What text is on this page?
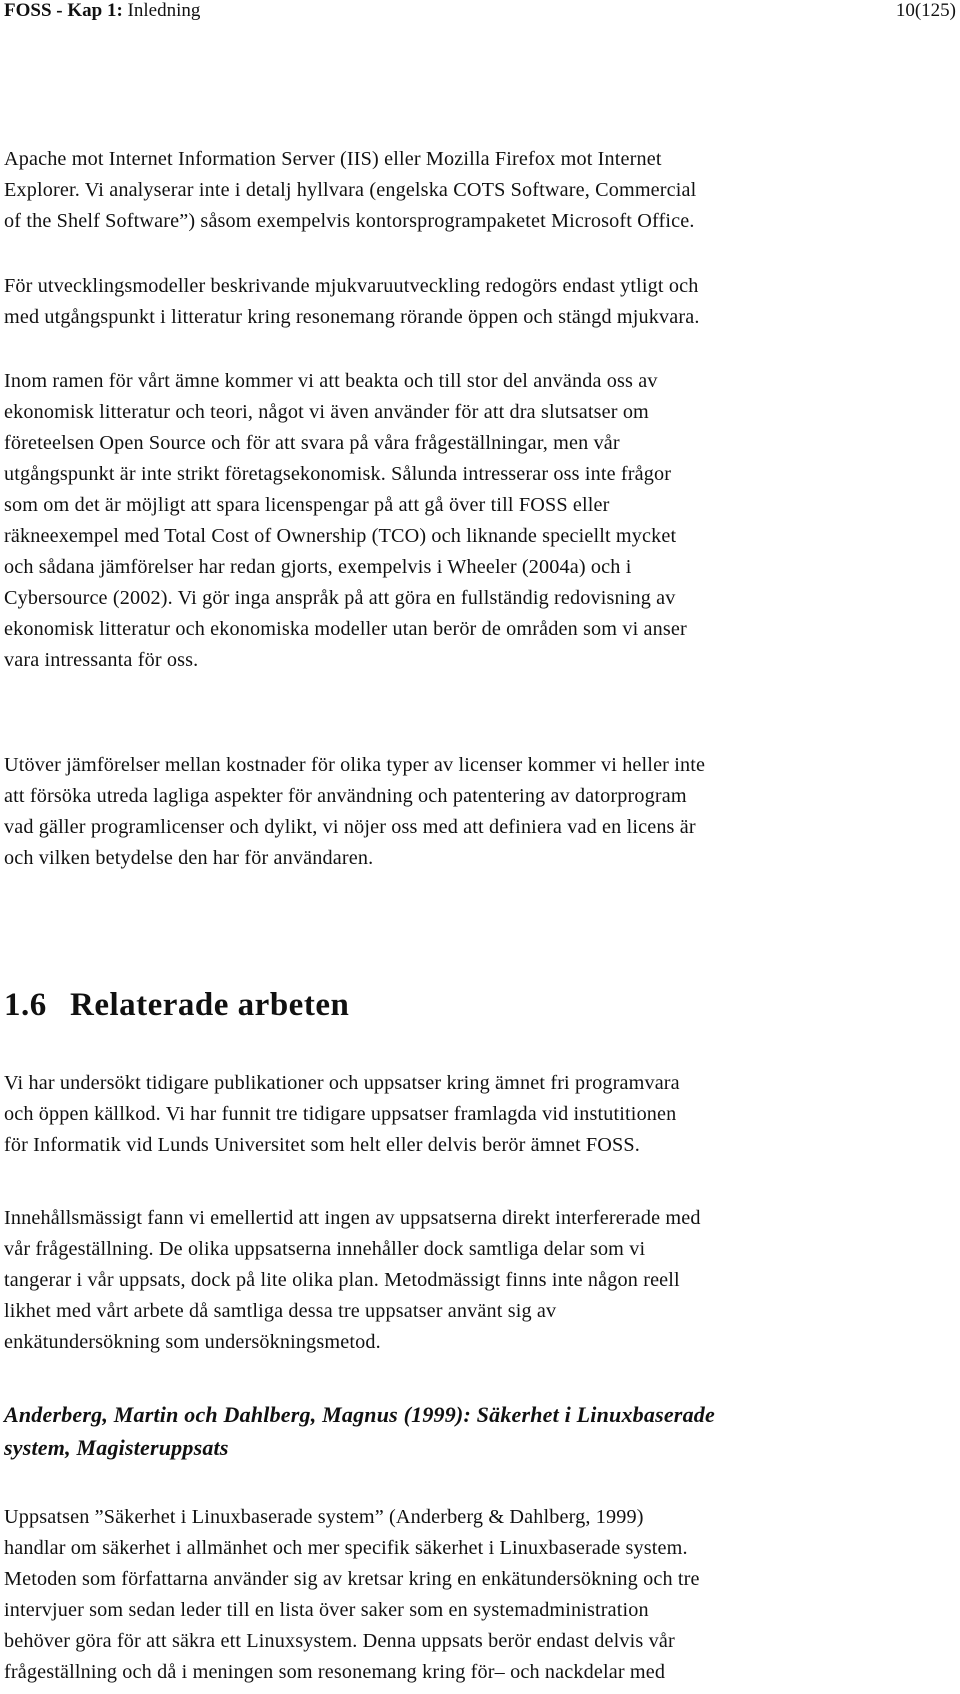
FOSS - Kap 1: Inledning	10(125)

Apache mot Internet Information Server (IIS) eller Mozilla Firefox mot Internet
Explorer. Vi analyserar inte i detalj hyllvara (engelska COTS Software, Commercial
of the Shelf Software”) såsom exempelvis kontorsprogrampaketet Microsoft Office.

För utvecklingsmodeller beskrivande mjukvaruutveckling redogörs endast ytligt och
med utgångspunkt i litteratur kring resonemang rörande öppen och stängd mjukvara.

Inom ramen för vårt ämne kommer vi att beakta och till stor del använda oss av
ekonomisk litteratur och teori, något vi även använder för att dra slutsatser om
företeelsen Open Source och för att svara på våra frågeställningar, men vår
utgångspunkt är inte strikt företagsekonomisk. Sålunda intresserar oss inte frågor
som om det är möjligt att spara licenspengar på att gå över till FOSS eller
räkneexempel med Total Cost of Ownership (TCO) och liknande speciellt mycket
och sådana jämförelser har redan gjorts, exempelvis i Wheeler (2004a) och i
Cybersource (2002). Vi gör inga anspråk på att göra en fullständig redovisning av
ekonomisk litteratur och ekonomiska modeller utan berör de områden som vi anser
vara intressanta för oss.

Utöver jämförelser mellan kostnader för olika typer av licenser kommer vi heller inte
att försöka utreda lagliga aspekter för användning och patentering av datorprogram
vad gäller programlicenser och dylikt, vi nöjer oss med att definiera vad en licens är
och vilken betydelse den har för användaren.

1.6 Relaterade arbeten

Vi har undersökt tidigare publikationer och uppsatser kring ämnet fri programvara
och öppen källkod. Vi har funnit tre tidigare uppsatser framlagda vid instutitionen
för Informatik vid Lunds Universitet som helt eller delvis berör ämnet FOSS.

Innehållsmässigt fann vi emellertid att ingen av uppsatserna direkt interfererade med
vår frågeställning. De olika uppsatserna innehåller dock samtliga delar som vi
tangerar i vår uppsats, dock på lite olika plan. Metodmässigt finns inte någon reell
likhet med vårt arbete då samtliga dessa tre uppsatser använt sig av
enkätundersökning som undersökningsmetod.

Anderberg, Martin och Dahlberg, Magnus (1999): Säkerhet i Linuxbaserade
system, Magisteruppsats

Uppsatsen ”Säkerhet i Linuxbaserade system” (Anderberg & Dahlberg, 1999)
handlar om säkerhet i allmänhet och mer specifik säkerhet i Linuxbaserade system.
Metoden som författarna använder sig av kretsar kring en enkätundersökning och tre
intervjuer som sedan leder till en lista över saker som en systemadministration
behöver göra för att säkra ett Linuxsystem. Denna uppsats berör endast delvis vår
frågeställning och då i meningen som resonemang kring för– och nackdelar med
